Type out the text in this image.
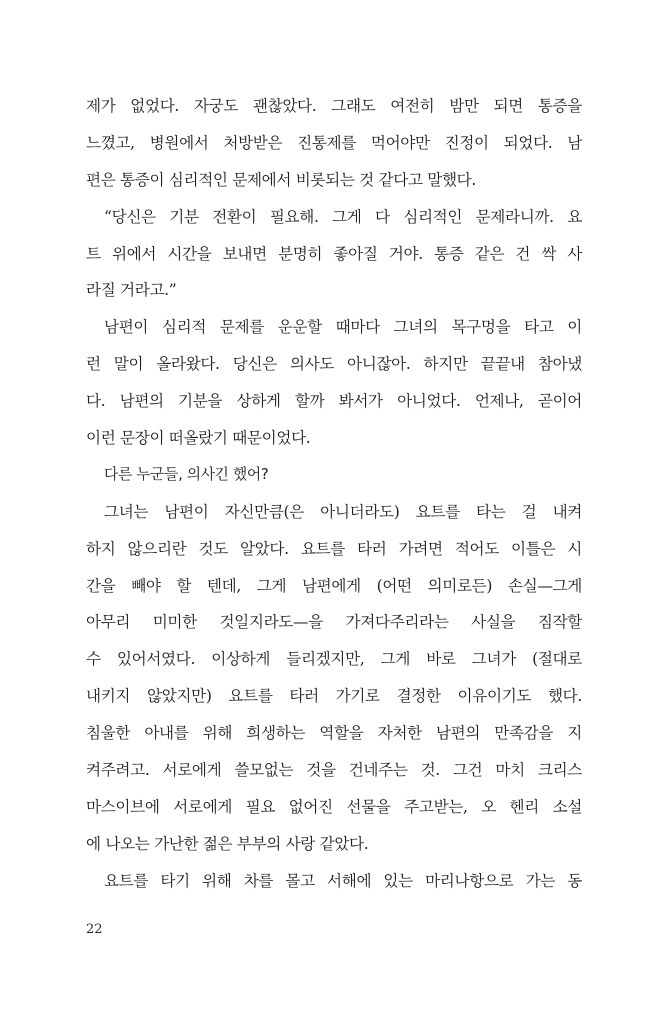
제가 없었다. 자궁도 괜찮았다. 그래도 여전히 밤만 되면 통증을
느꼈고, 병원에서 처방받은 진통제를 먹어야만 진정이 되었다. 남
편은 통증이 심리적인 문제에서 비롯되는 것 같다고 말했다.
“당신은 기분 전환이 필요해. 그게 다 심리적인 문제라니까. 요
트 위에서 시간을 보내면 분명히 좋아질 거야. 통증 같은 건 싹 사
라질 거라고.”
남편이 심리적 문제를 운운할 때마다 그녀의 목구멍을 타고 이
런 말이 올라왔다. 당신은 의사도 아니잖아. 하지만 끝끝내 참아냈
다. 남편의 기분을 상하게 할까 봐서가 아니었다. 언제나, 곧이어
이런 문장이 떠올랐기 때문이었다.
다른 누군들, 의사긴 했어?
그녀는 남편이 자신만큼(은 아니더라도) 요트를 타는 걸 내켜
하지 않으리란 것도 알았다. 요트를 타러 가려면 적어도 이틀은 시
간을 빼야 할 텐데, 그게 남편에게 (어떤 의미로든) 손실—그게
아무리 미미한 것일지라도—을 가져다주리라는 사실을 짐작할
수 있어서였다. 이상하게 들리겠지만, 그게 바로 그녀가 (절대로
내키지 않았지만) 요트를 타러 가기로 결정한 이유이기도 했다.
침울한 아내를 위해 희생하는 역할을 자처한 남편의 만족감을 지
켜주려고. 서로에게 쓸모없는 것을 건네주는 것. 그건 마치 크리스
마스이브에 서로에게 필요 없어진 선물을 주고받는, 오 헨리 소설
에 나오는 가난한 젊은 부부의 사랑 같았다.
요트를 타기 위해 차를 몰고 서해에 있는 마리나항으로 가는 동
22
